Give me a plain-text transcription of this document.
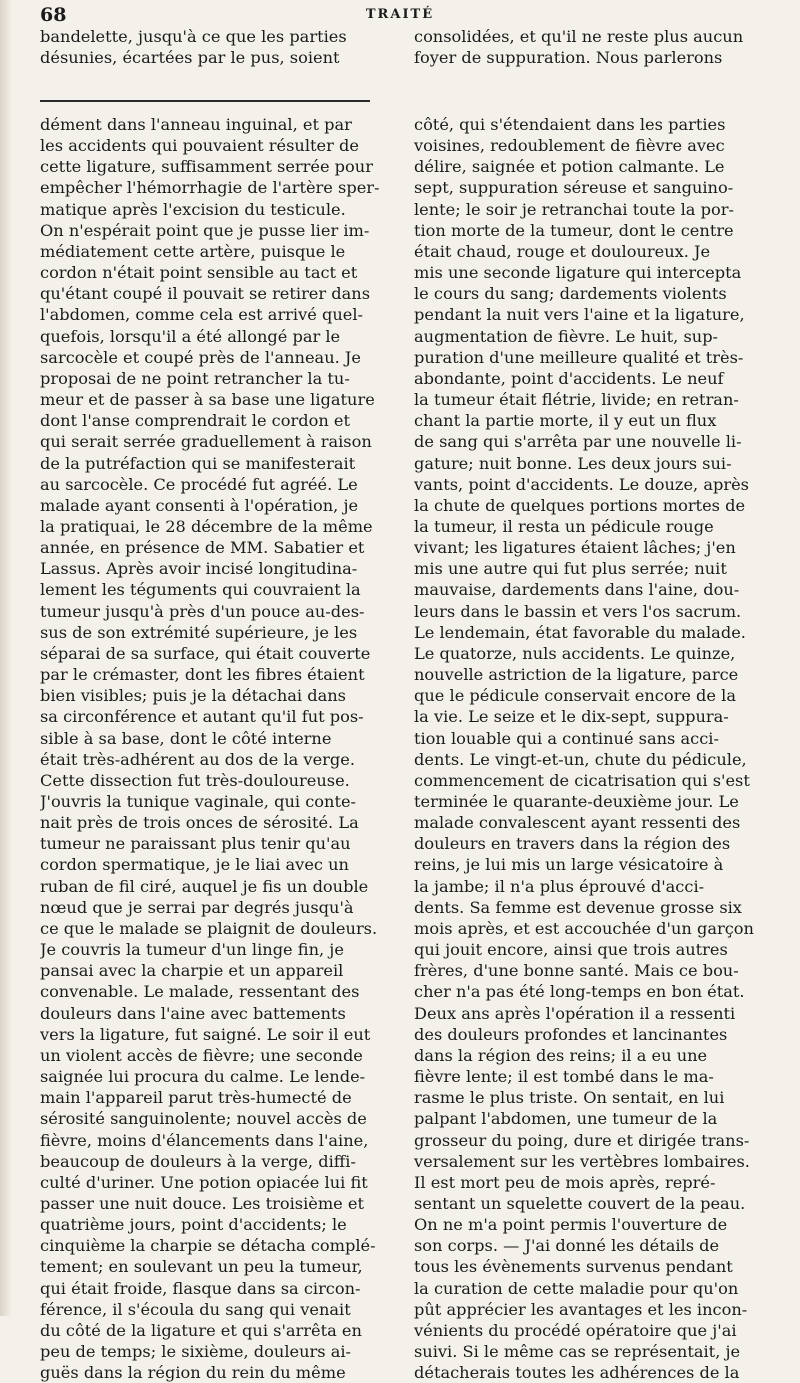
68	TRAITÉ
bandelette, jusqu'à ce que les parties
désunies, écartées par le pus, soient
consolidées, et qu'il ne reste plus aucun
foyer de suppuration. Nous parlerons
dément dans l'anneau inguinal, et par
les accidents qui pouvaient résulter de
cette ligature, suffisamment serrée pour
empêcher l'hémorrhagie de l'artère sper-
matique après l'excision du testicule.
On n'espérait point que je pusse lier im-
médiatement cette artère, puisque le
cordon n'était point sensible au tact et
qu'étant coupé il pouvait se retirer dans
l'abdomen, comme cela est arrivé quel-
quefois, lorsqu'il a été allongé par le
sarcocèle et coupé près de l'anneau. Je
proposai de ne point retrancher la tu-
meur et de passer à sa base une ligature
dont l'anse comprendrait le cordon et
qui serait serrée graduellement à raison
de la putréfaction qui se manifesterait
au sarcocèle. Ce procédé fut agréé. Le
malade ayant consenti à l'opération, je
la pratiquai, le 28 décembre de la même
année, en présence de MM. Sabatier et
Lassus. Après avoir incisé longitudina-
lement les téguments qui couvraient la
tumeur jusqu'à près d'un pouce au-des-
sus de son extrémité supérieure, je les
séparai de sa surface, qui était couverte
par le crémaster, dont les fibres étaient
bien visibles; puis je la détachai dans
sa circonférence et autant qu'il fut pos-
sible à sa base, dont le côté interne
était très-adhérent au dos de la verge.
Cette dissection fut très-douloureuse.
J'ouvris la tunique vaginale, qui conte-
nait près de trois onces de sérosité. La
tumeur ne paraissant plus tenir qu'au
cordon spermatique, je le liai avec un
ruban de fil ciré, auquel je fis un double
nœud que je serrai par degrés jusqu'à
ce que le malade se plaignit de douleurs.
Je couvris la tumeur d'un linge fin, je
pansai avec la charpie et un appareil
convenable. Le malade, ressentant des
douleurs dans l'aine avec battements
vers la ligature, fut saigné. Le soir il eut
un violent accès de fièvre; une seconde
saignée lui procura du calme. Le lende-
main l'appareil parut très-humecté de
sérosité sanguinolente; nouvel accès de
fièvre, moins d'élancements dans l'aine,
beaucoup de douleurs à la verge, diffi-
culté d'uriner. Une potion opiacée lui fit
passer une nuit douce. Les troisième et
quatrième jours, point d'accidents; le
cinquième la charpie se détacha complé-
tement; en soulevant un peu la tumeur,
qui était froide, flasque dans sa circon-
férence, il s'écoula du sang qui venait
du côté de la ligature et qui s'arrêta en
peu de temps; le sixième, douleurs ai-
guës dans la région du rein du même
côté, qui s'étendaient dans les parties
voisines, redoublement de fièvre avec
délire, saignée et potion calmante. Le
sept, suppuration séreuse et sanguino-
lente; le soir je retranchai toute la por-
tion morte de la tumeur, dont le centre
était chaud, rouge et douloureux. Je
mis une seconde ligature qui intercepta
le cours du sang; dardements violents
pendant la nuit vers l'aine et la ligature,
augmentation de fièvre. Le huit, sup-
puration d'une meilleure qualité et très-
abondante, point d'accidents. Le neuf
la tumeur était flétrie, livide; en retran-
chant la partie morte, il y eut un flux
de sang qui s'arrêta par une nouvelle li-
gature; nuit bonne. Les deux jours sui-
vants, point d'accidents. Le douze, après
la chute de quelques portions mortes de
la tumeur, il resta un pédicule rouge
vivant; les ligatures étaient lâches; j'en
mis une autre qui fut plus serrée; nuit
mauvaise, dardements dans l'aine, dou-
leurs dans le bassin et vers l'os sacrum.
Le lendemain, état favorable du malade.
Le quatorze, nuls accidents. Le quinze,
nouvelle astriction de la ligature, parce
que le pédicule conservait encore de la
la vie. Le seize et le dix-sept, suppura-
tion louable qui a continué sans acci-
dents. Le vingt-et-un, chute du pédicule,
commencement de cicatrisation qui s'est
terminée le quarante-deuxième jour. Le
malade convalescent ayant ressenti des
douleurs en travers dans la région des
reins, je lui mis un large vésicatoire à
la jambe; il n'a plus éprouvé d'acci-
dents. Sa femme est devenue grosse six
mois après, et est accouchée d'un garçon
qui jouit encore, ainsi que trois autres
frères, d'une bonne santé. Mais ce bou-
cher n'a pas été long-temps en bon état.
Deux ans après l'opération il a ressenti
des douleurs profondes et lancinantes
dans la région des reins; il a eu une
fièvre lente; il est tombé dans le ma-
rasme le plus triste. On sentait, en lui
palpant l'abdomen, une tumeur de la
grosseur du poing, dure et dirigée trans-
versalement sur les vertèbres lombaires.
Il est mort peu de mois après, repré-
sentant un squelette couvert de la peau.
On ne m'a point permis l'ouverture de
son corps. — J'ai donné les détails de
tous les évènements survenus pendant
la curation de cette maladie pour qu'on
pût apprécier les avantages et les incon-
vénients du procédé opératoire que j'ai
suivi. Si le même cas se représentait, je
détacherais toutes les adhérences de la
